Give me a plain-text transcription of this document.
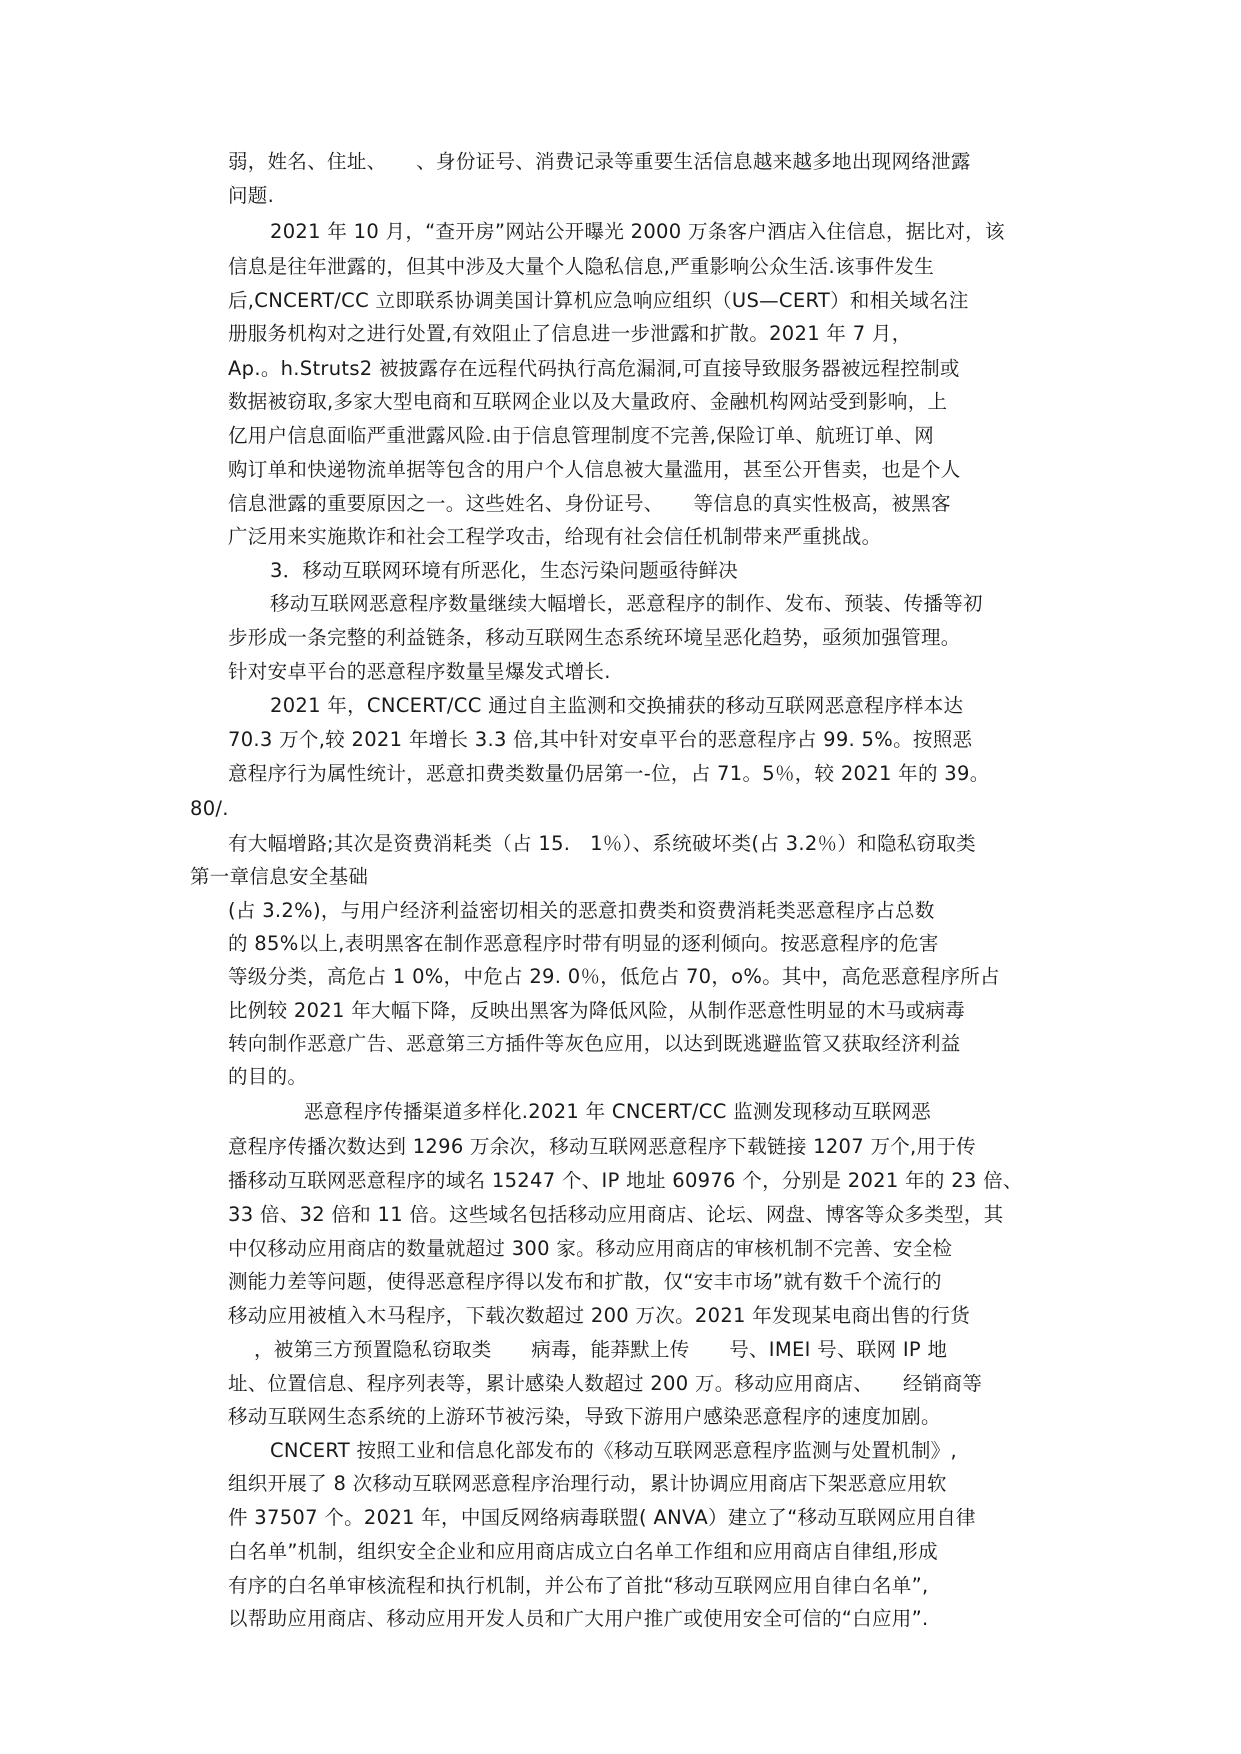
弱，姓名、住址、　　、身份证号、消费记录等重要生活信息越来越多地出现网络泄露
问题.
2021 年 10 月，“查开房”网站公开曝光 2000 万条客户酒店入住信息，据比对，该
信息是往年泄露的，但其中涉及大量个人隐私信息,严重影响公众生活.该事件发生
后,CNCERT/CC 立即联系协调美国计算机应急响应组织（US—CERT）和相关域名注
册服务机构对之进行处置,有效阻止了信息进一步泄露和扩散。2021 年 7 月，
Ap.。h.Struts2 被披露存在远程代码执行高危漏洞,可直接导致服务器被远程控制或
数据被窃取,多家大型电商和互联网企业以及大量政府、金融机构网站受到影响，上
亿用户信息面临严重泄露风险.由于信息管理制度不完善,保险订单、航班订单、网
购订单和快递物流单据等包含的用户个人信息被大量滥用，甚至公开售卖，也是个人
信息泄露的重要原因之一。这些姓名、身份证号、　　等信息的真实性极高，被黑客
广泛用来实施欺诈和社会工程学攻击，给现有社会信任机制带来严重挑战。
3．移动互联网环境有所恶化，生态污染问题亟待鲜决
移动互联网恶意程序数量继续大幅增长，恶意程序的制作、发布、预装、传播等初
步形成一条完整的利益链条，移动互联网生态系统环境呈恶化趋势，亟须加强管理。
针对安卓平台的恶意程序数量呈爆发式增长.
2021 年，CNCERT/CC 通过自主监测和交换捕获的移动互联网恶意程序样本达
70.3 万个,较 2021 年增长 3.3 倍,其中针对安卓平台的恶意程序占 99. 5%。按照恶
意程序行为属性统计，恶意扣费类数量仍居第一-位，占 71。5％，较 2021 年的 39。
80/.
有大幅增路;其次是资费消耗类（占 15.　1％）、系统破坏类(占 3.2％）和隐私窃取类
第一章信息安全基础
(占 3.2%)，与用户经济利益密切相关的恶意扣费类和资费消耗类恶意程序占总数
的 85%以上,表明黑客在制作恶意程序时带有明显的逐利倾向。按恶意程序的危害
等级分类，高危占 1 0%，中危占 29. 0％，低危占 70，o%。其中，高危恶意程序所占
比例较 2021 年大幅下降，反映出黑客为降低风险，从制作恶意性明显的木马或病毒
转向制作恶意广告、恶意第三方插件等灰色应用，以达到既逃避监管又获取经济利益
的目的。
恶意程序传播渠道多样化.2021 年 CNCERT/CC 监测发现移动互联网恶
意程序传播次数达到 1296 万余次，移动互联网恶意程序下载链接 1207 万个,用于传
播移动互联网恶意程序的域名 15247 个、IP 地址 60976 个，分别是 2021 年的 23 倍、
33 倍、32 倍和 11 倍。这些域名包括移动应用商店、论坛、网盘、博客等众多类型，其
中仅移动应用商店的数量就超过 300 家。移动应用商店的审核机制不完善、安全检
测能力差等问题，使得恶意程序得以发布和扩散，仅“安丰市场”就有数千个流行的
移动应用被植入木马程序，下载次数超过 200 万次。2021 年发现某电商出售的行货
，被第三方预置隐私窃取类　　病毒，能莽默上传　　号、IMEI 号、联网 IP 地
址、位置信息、程序列表等，累计感染人数超过 200 万。移动应用商店、　　经销商等
移动互联网生态系统的上游环节被污染，导致下游用户感染恶意程序的速度加剧。
CNCERT 按照工业和信息化部发布的《移动互联网恶意程序监测与处置机制》,
组织开展了 8 次移动互联网恶意程序治理行动，累计协调应用商店下架恶意应用软
件 37507 个。2021 年，中国反网络病毒联盟( ANVA）建立了“移动互联网应用自律
白名单”机制，组织安全企业和应用商店成立白名单工作组和应用商店自律组,形成
有序的白名单审核流程和执行机制，并公布了首批“移动互联网应用自律白名单”,
以帮助应用商店、移动应用开发人员和广大用户推广或使用安全可信的“白应用”.
